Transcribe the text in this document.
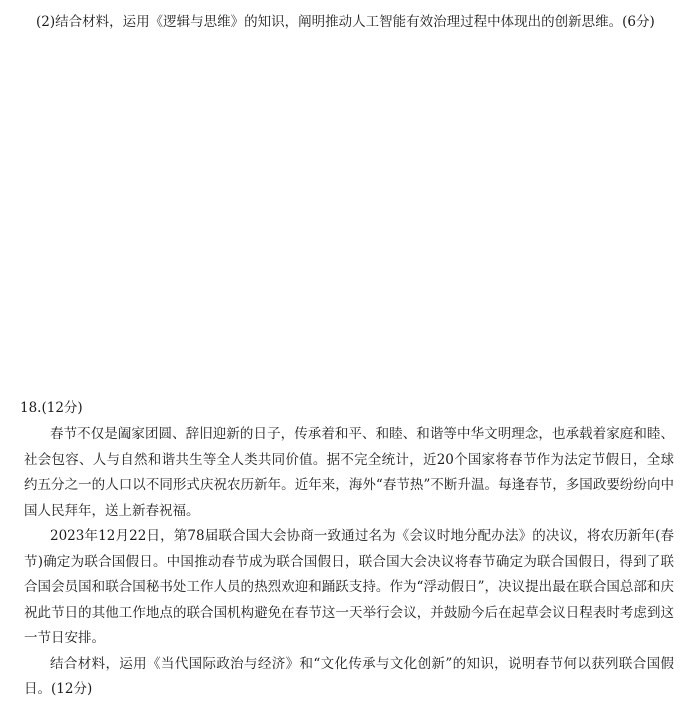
(2)结合材料，运用《逻辑与思维》的知识，阐明推动人工智能有效治理过程中体现出的创新思维。(6分)
18.(12分)

春节不仅是阖家团圆、辞旧迎新的日子，传承着和平、和睦、和谐等中华文明理念，也承载着家庭和睦、社会包容、人与自然和谐共生等全人类共同价值。据不完全统计，近20个国家将春节作为法定节假日，全球约五分之一的人口以不同形式庆祝农历新年。近年来，海外“春节热”不断升温。每逢春节，多国政要纷纷向中国人民拜年，送上新春祝福。

2023年12月22日，第78届联合国大会协商一致通过名为《会议时地分配办法》的决议，将农历新年(春节)确定为联合国假日。中国推动春节成为联合国假日，联合国大会决议将春节确定为联合国假日，得到了联合国会员国和联合国秘书处工作人员的热烈欢迎和踊跃支持。作为“浮动假日”，决议提出最在联合国总部和庆祝此节日的其他工作地点的联合国机构避免在春节这一天举行会议，并鼓励今后在起草会议日程表时考虑到这一节日安排。

结合材料，运用《当代国际政治与经济》和“文化传承与文化创新”的知识，说明春节何以获列联合国假日。(12分)
